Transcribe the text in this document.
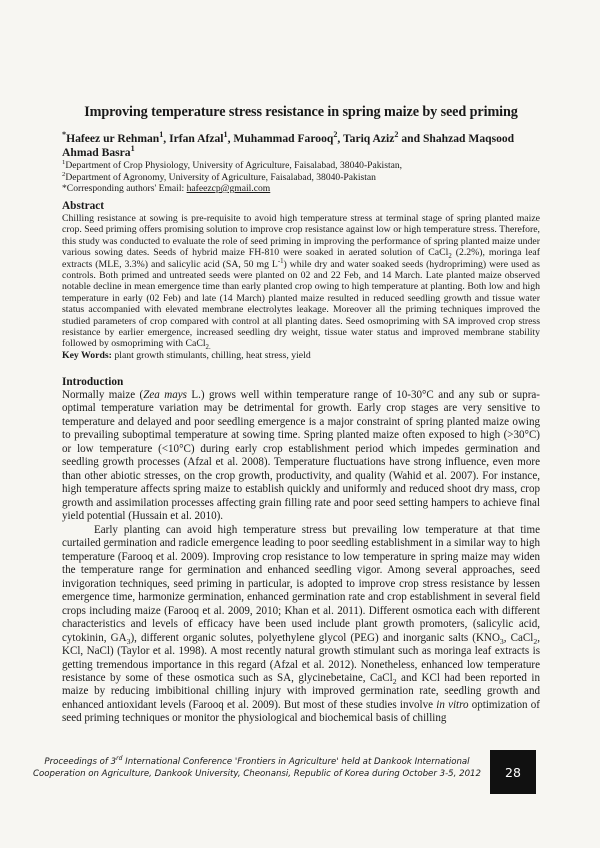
Improving temperature stress resistance in spring maize by seed priming
*Hafeez ur Rehman$^1$, Irfan Afzal$^1$, Muhammad Farooq$^2$, Tariq Aziz$^2$ and Shahzad Maqsood Ahmad Basra$^1$
$^1$Department of Crop Physiology, University of Agriculture, Faisalabad, 38040-Pakistan,
$^2$Department of Agronomy, University of Agriculture, Faisalabad, 38040-Pakistan
*Corresponding authors' Email: hafeezcp@gmail.com
Abstract
Chilling resistance at sowing is pre-requisite to avoid high temperature stress at terminal stage of spring planted maize crop. Seed priming offers promising solution to improve crop resistance against low or high temperature stress. Therefore, this study was conducted to evaluate the role of seed priming in improving the performance of spring planted maize under various sowing dates. Seeds of hybrid maize FH-810 were soaked in aerated solution of CaCl$_2$ (2.2%), moringa leaf extracts (MLE, 3.3%) and salicylic acid (SA, 50 mg $L^{-1}$) while dry and water soaked seeds (hydropriming) were used as controls. Both primed and untreated seeds were planted on 02 and 22 Feb, and 14 March. Late planted maize observed notable decline in mean emergence time than early planted crop owing to high temperature at planting. Both low and high temperature in early (02 Feb) and late (14 March) planted maize resulted in reduced seedling growth and tissue water status accompanied with elevated membrane electrolytes leakage. Moreover all the priming techniques improved the studied parameters of crop compared with control at all planting dates. Seed osmopriming with SA improved crop stress resistance by earlier emergence, increased seedling dry weight, tissue water status and improved membrane stability followed by osmopriming with CaCl$_{2.}$
Key Words: plant growth stimulants, chilling, heat stress, yield
Introduction
Normally maize (Zea mays L.) grows well within temperature range of 10-30°C and any sub or supra-optimal temperature variation may be detrimental for growth. Early crop stages are very sensitive to temperature and delayed and poor seedling emergence is a major constraint of spring planted maize owing to prevailing suboptimal temperature at sowing time. Spring planted maize often exposed to high (>30°C) or low temperature (<10°C) during early crop establishment period which impedes germination and seedling growth processes (Afzal et al. 2008). Temperature fluctuations have strong influence, even more than other abiotic stresses, on the crop growth, productivity, and quality (Wahid et al. 2007). For instance, high temperature affects spring maize to establish quickly and uniformly and reduced shoot dry mass, crop growth and assimilation processes affecting grain filling rate and poor seed setting hampers to achieve final yield potential (Hussain et al. 2010).
Early planting can avoid high temperature stress but prevailing low temperature at that time curtailed germination and radicle emergence leading to poor seedling establishment in a similar way to high temperature (Farooq et al. 2009). Improving crop resistance to low temperature in spring maize may widen the temperature range for germination and enhanced seedling vigor. Among several approaches, seed invigoration techniques, seed priming in particular, is adopted to improve crop stress resistance by lessen emergence time, harmonize germination, enhanced germination rate and crop establishment in several field crops including maize (Farooq et al. 2009, 2010; Khan et al. 2011). Different osmotica each with different characteristics and levels of efficacy have been used include plant growth promoters, (salicylic acid, cytokinin, $GA_3$), different organic solutes, polyethylene glycol (PEG) and inorganic salts ($KNO_3$, CaCl$_2$, KCl, NaCl) (Taylor et al. 1998). A most recently natural growth stimulant such as moringa leaf extracts is getting tremendous importance in this regard (Afzal et al. 2012). Nonetheless, enhanced low temperature resistance by some of these osmotica such as SA, glycinebetaine, CaCl$_2$ and KCl had been reported in maize by reducing imbibitional chilling injury with improved germination rate, seedling growth and enhanced antioxidant levels (Farooq et al. 2009). But most of these studies involve in vitro optimization of seed priming techniques or monitor the physiological and biochemical basis of chilling
Proceedings of 3rd International Conference 'Frontiers in Agriculture' held at Dankook International Cooperation on Agriculture, Dankook University, Cheonansi, Republic of Korea during October 3-5, 2012	28
